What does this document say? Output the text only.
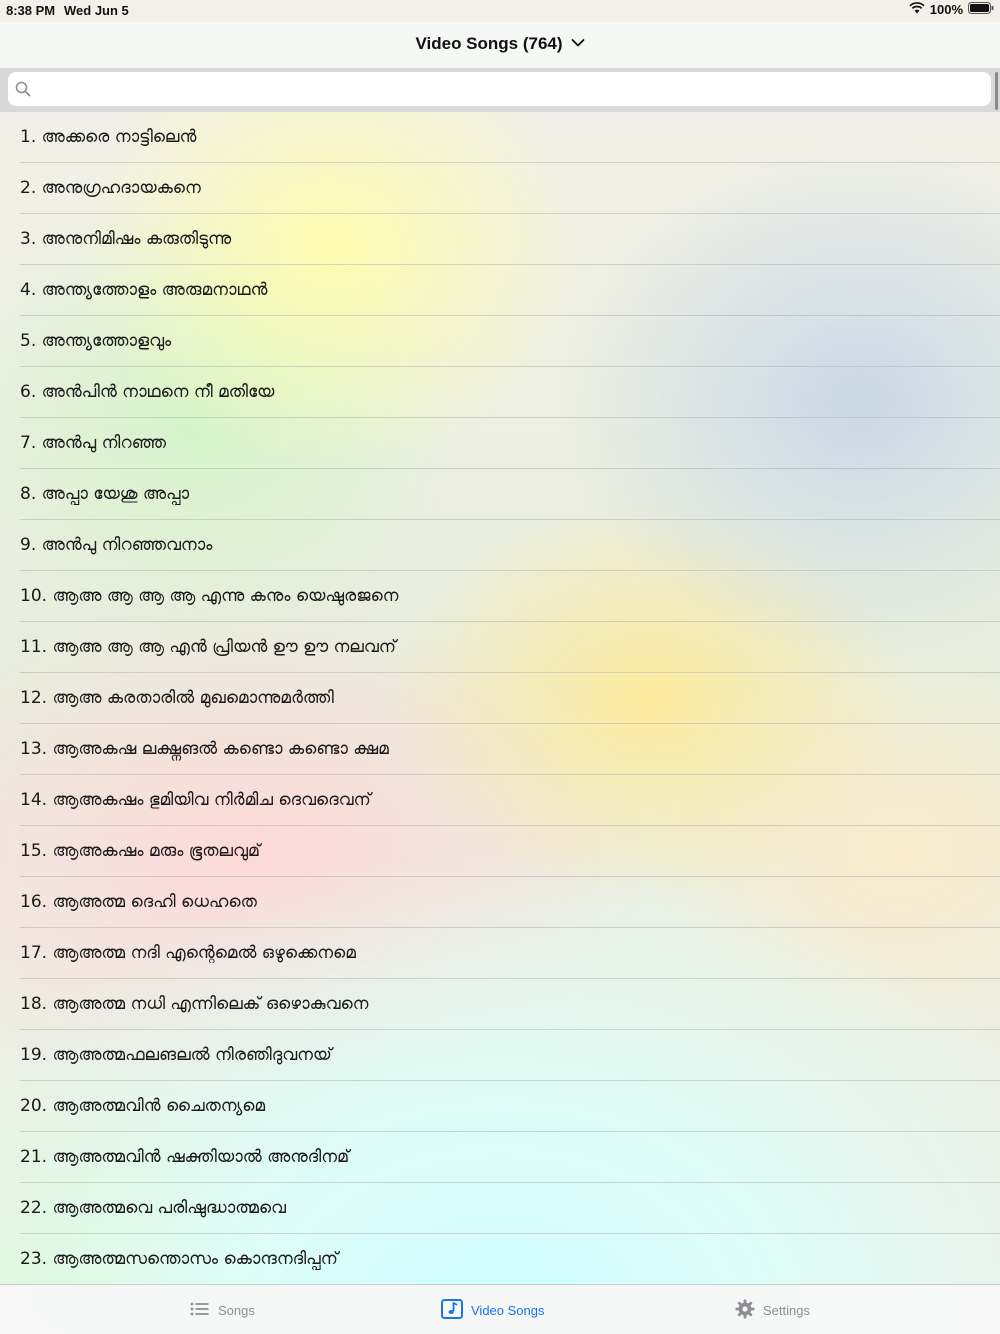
8:38 PM Wed Jun 5	100%
Video Songs (764)
1. അക്കരെ നാട്ടിലെൻ
2. അനുഗ്രഹദായകനെ
3. അനുനിമിഷം കരുതിടുന്നു
4. അന്ത്യത്തോളം അരുമനാഥൻ
5. അന്ത്യത്തോളവും
6. അൻപിൻ നാഥനെ നീ മതിയേ
7. അൻപു നിറഞ്ഞ
8. അപ്പാ യേശു അപ്പാ
9. അൻപു നിറഞ്ഞവനാം
10. ആഅ ആ ആ ആ എന്നു കനും യെഷുരജനെ
11. ആഅ ആ ആ എൻ പ്രിയൻ ഊ ഊ നലവന്
12. ആഅ കരതാരിൽ മുഖമൊന്നുമർത്തി
13. ആഅകഷ ലക്ഷ്നങൽ കണ്ടൊ കണ്ടൊ ക്ഷമ
14. ആഅകഷം ഭുമിയിവ നിർമിച ദെവദെവന്
15. ആഅകഷം മരും ഭൂതലവുമ്
16. ആഅത്മ ദെഹി ധെഹതെ
17. ആഅത്മ നദി എന്റെമെൽ ഒഴുക്കെനമെ
18. ആഅത്മ നധി എന്നിലെക് ഒഴൊകുവനെ
19. ആഅത്മഫലങലൽ നിരഞിദുവനയ്
20. ആഅത്മവിൻ ചൈതന്യമെ
21. ആഅത്മവിൻ ഷക്തിയാൽ അനുദിനമ്
22. ആഅത്മവെ പരിഷുദ്ധാത്മവെ
23. ആഅത്മസന്തൊസം കൊന്ദനദിപ്പന്
Songs	Video Songs	Settings
